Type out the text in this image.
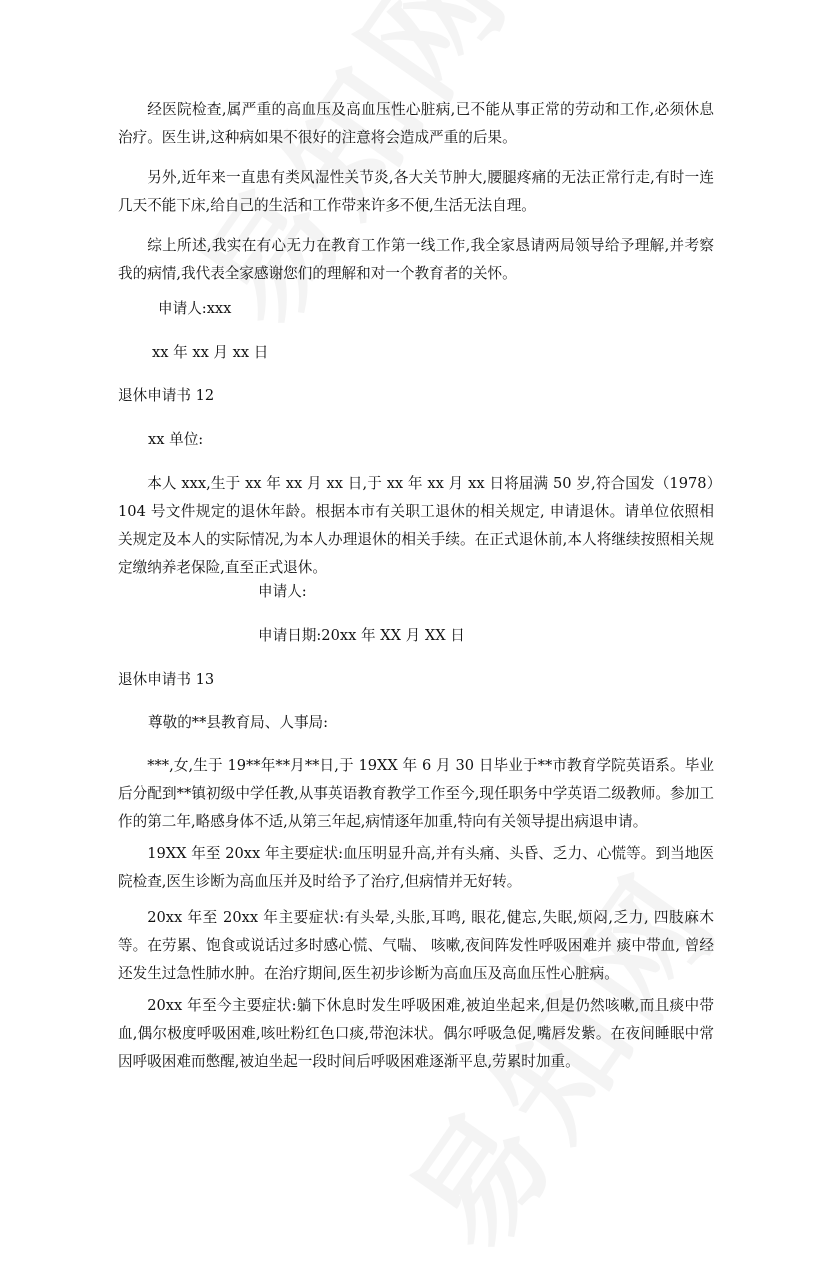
经医院检查,属严重的高血压及高血压性心脏病,已不能从事正常的劳动和工作,必须休息治疗。医生讲,这种病如果不很好的注意将会造成严重的后果。

另外,近年来一直患有类风湿性关节炎,各大关节肿大,腰腿疼痛的无法正常行走,有时一连几天不能下床,给自己的生活和工作带来许多不便,生活无法自理。

综上所述,我实在有心无力在教育工作第一线工作,我全家恳请两局领导给予理解,并考察我的病情,我代表全家感谢您们的理解和对一个教育者的关怀。

申请人:xxx

xx 年 xx 月 xx 日

退休申请书 12

xx 单位:

本人 xxx,生于 xx 年 xx 月 xx 日,于 xx 年 xx 月 xx 日将届满 50 岁,符合国发（1978）104 号文件规定的退休年龄。根据本市有关职工退休的相关规定, 申请退休。请单位依照相关规定及本人的实际情况,为本人办理退休的相关手续。在正式退休前,本人将继续按照相关规定缴纳养老保险,直至正式退休。

申请人:

申请日期:20xx 年 XX 月 XX 日

退休申请书 13

尊敬的**县教育局、人事局:

***,女,生于 19**年**月**日,于 19XX 年 6 月 30 日毕业于**市教育学院英语系。毕业后分配到**镇初级中学任教,从事英语教育教学工作至今,现任职务中学英语二级教师。参加工作的第二年,略感身体不适,从第三年起,病情逐年加重,特向有关领导提出病退申请。

19XX 年至 20xx 年主要症状:血压明显升高,并有头痛、头昏、乏力、心慌等。到当地医院检查,医生诊断为高血压并及时给予了治疗,但病情并无好转。

20xx 年至 20xx 年主要症状:有头晕,头胀,耳鸣, 眼花,健忘,失眠,烦闷,乏力, 四肢麻木等。在劳累、饱食或说话过多时感心慌、气喘、 咳嗽,夜间阵发性呼吸困难并 痰中带血, 曾经还发生过急性肺水肿。在治疗期间,医生初步诊断为高血压及高血压性心脏病。

20xx 年至今主要症状:躺下休息时发生呼吸困难,被迫坐起来,但是仍然咳嗽,而且痰中带血,偶尔极度呼吸困难,咳吐粉红色口痰,带泡沫状。偶尔呼吸急促,嘴唇发紫。在夜间睡眠中常因呼吸困难而憋醒,被迫坐起一段时间后呼吸困难逐渐平息,劳累时加重。
